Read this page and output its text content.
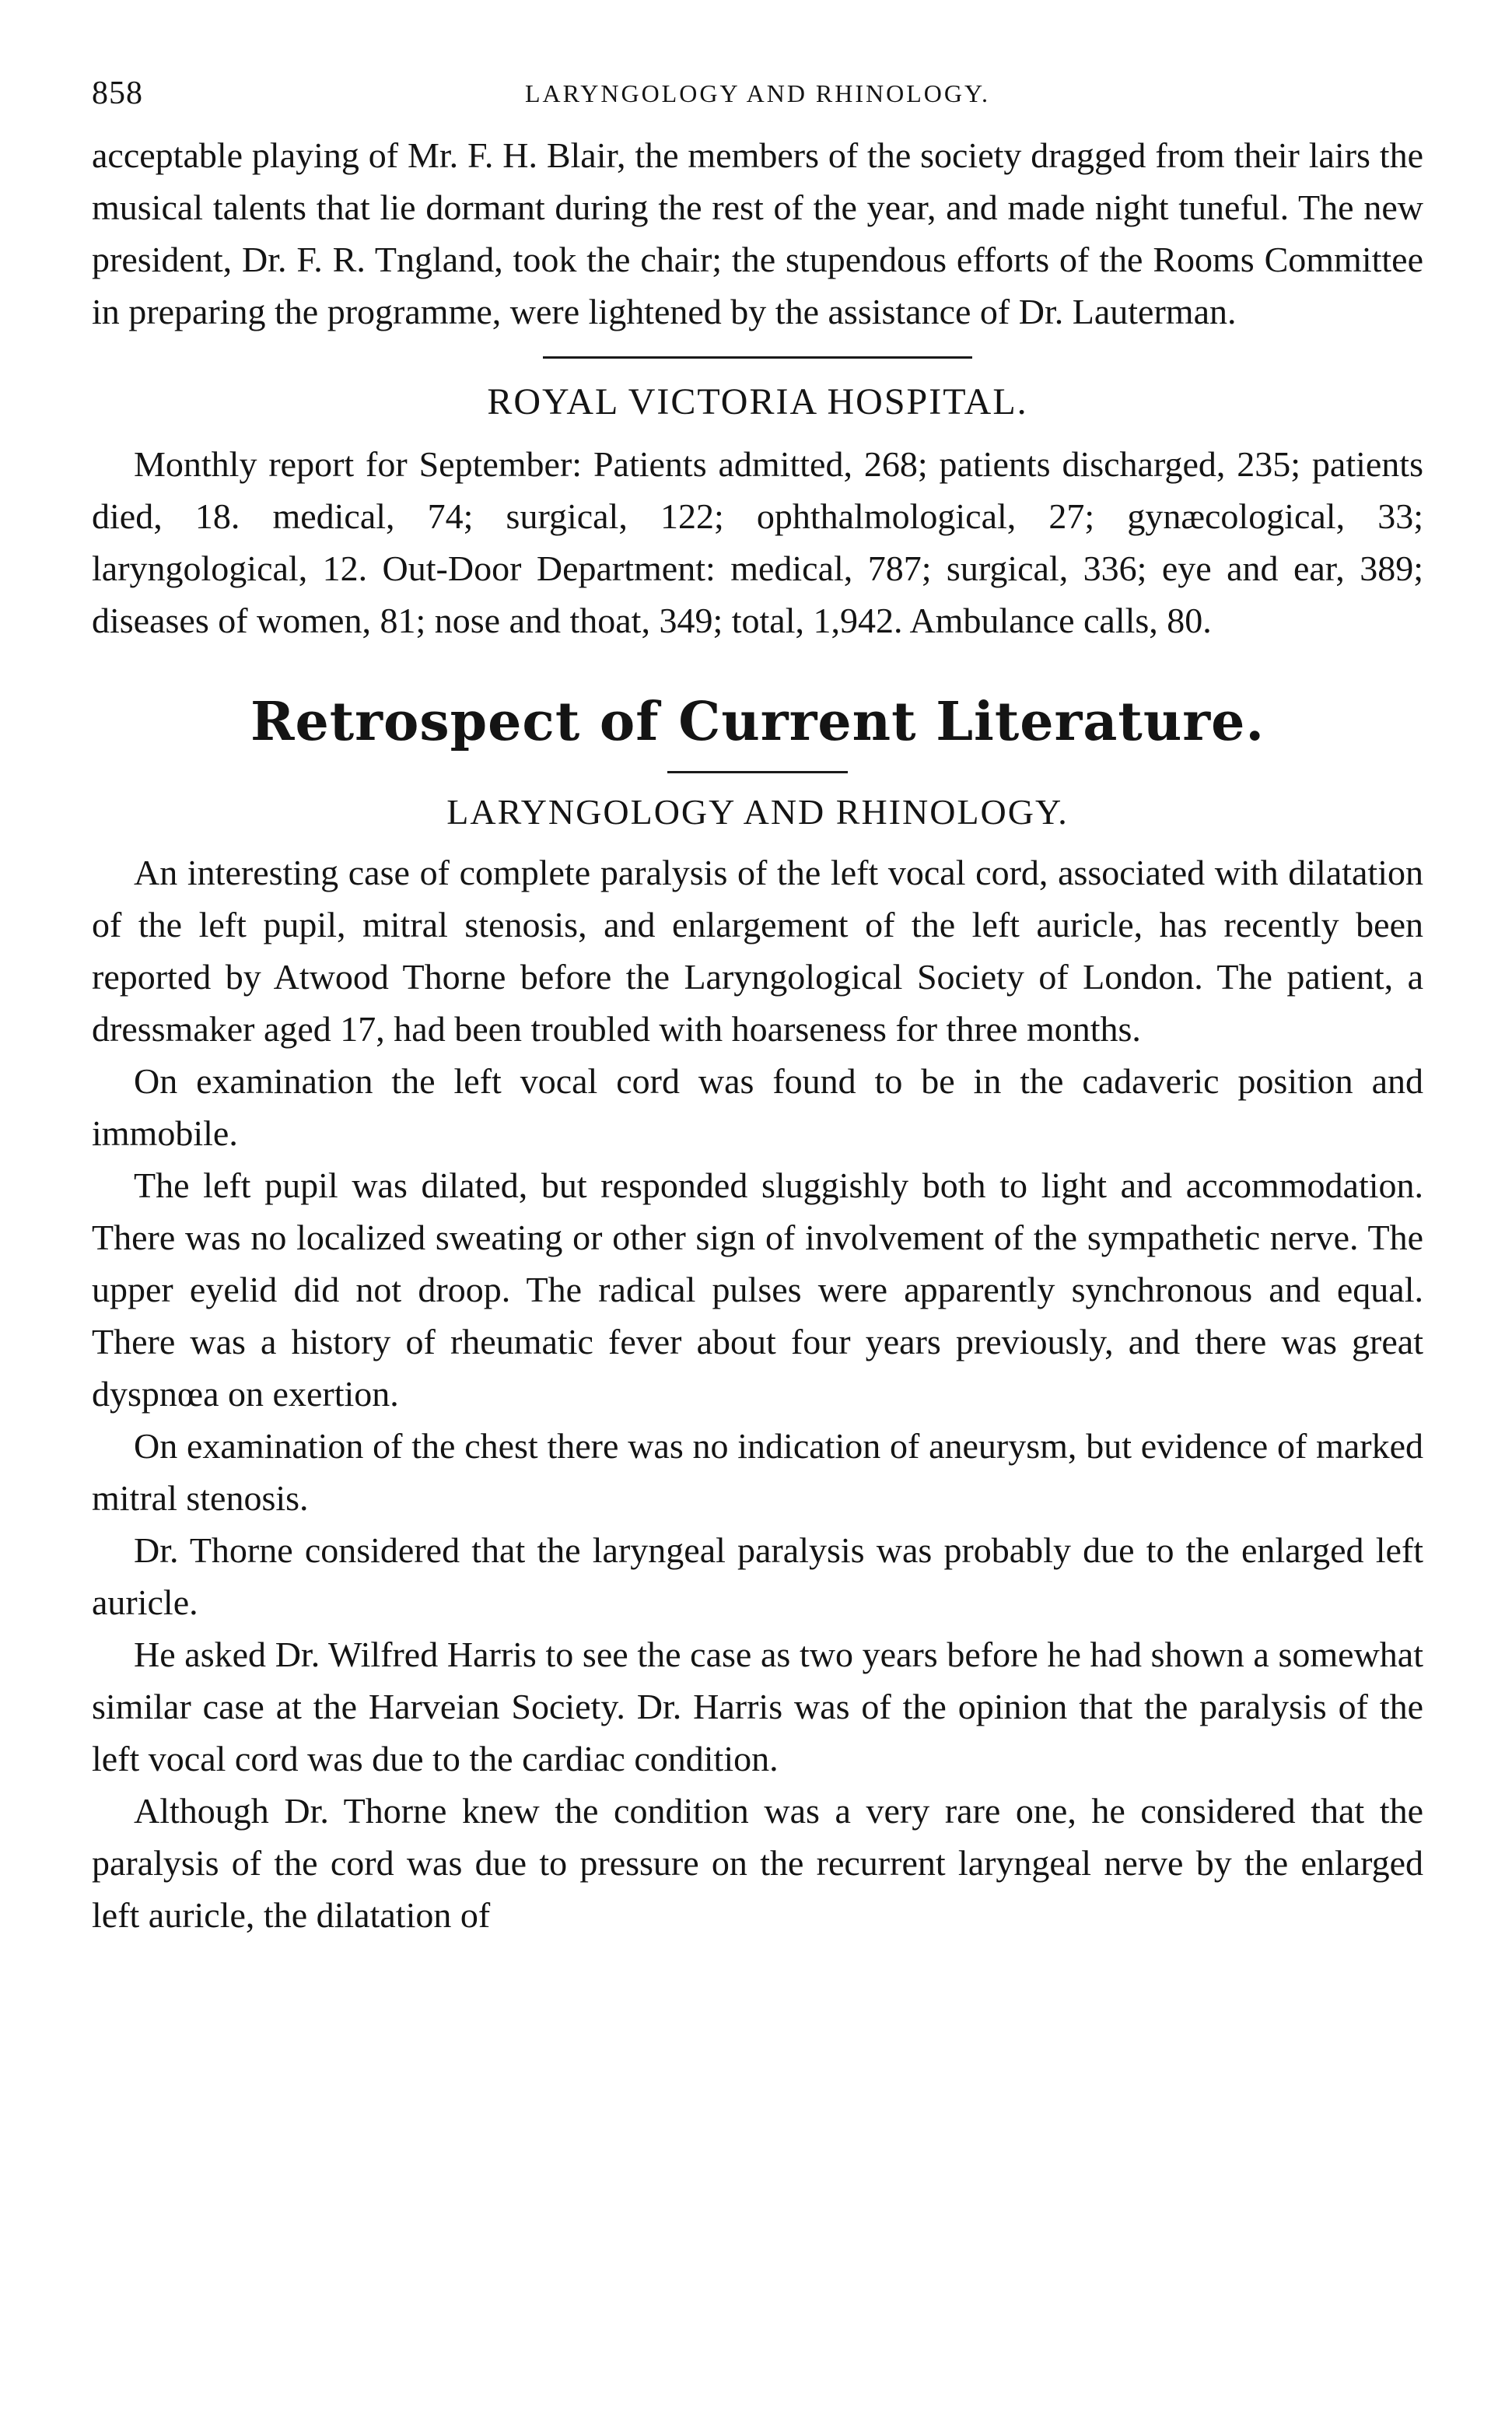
858	LARYNGOLOGY AND RHINOLOGY.

acceptable playing of Mr. F. H. Blair, the members of the society dragged from their lairs the musical talents that lie dormant during the rest of the year, and made night tuneful. The new president, Dr. F. R. Tngland, took the chair; the stupendous efforts of the Rooms Committee in preparing the programme, were lightened by the assistance of Dr. Lauterman.

ROYAL VICTORIA HOSPITAL.

Monthly report for September: Patients admitted, 268; patients discharged, 235; patients died, 18. medical, 74; surgical, 122; ophthalmological, 27; gynæcological, 33; laryngological, 12. Out-Door Department: medical, 787; surgical, 336; eye and ear, 389; diseases of women, 81; nose and thoat, 349; total, 1,942. Ambulance calls, 80.

Retrospect of Current Literature.
LARYNGOLOGY AND RHINOLOGY.

An interesting case of complete paralysis of the left vocal cord, associated with dilatation of the left pupil, mitral stenosis, and enlargement of the left auricle, has recently been reported by Atwood Thorne before the Laryngological Society of London. The patient, a dressmaker aged 17, had been troubled with hoarseness for three months.

On examination the left vocal cord was found to be in the cadaveric position and immobile.

The left pupil was dilated, but responded sluggishly both to light and accommodation. There was no localized sweating or other sign of involvement of the sympathetic nerve. The upper eyelid did not droop. The radical pulses were apparently synchronous and equal. There was a history of rheumatic fever about four years previously, and there was great dyspnœa on exertion.

On examination of the chest there was no indication of aneurysm, but evidence of marked mitral stenosis.

Dr. Thorne considered that the laryngeal paralysis was probably due to the enlarged left auricle.

He asked Dr. Wilfred Harris to see the case as two years before he had shown a somewhat similar case at the Harveian Society. Dr. Harris was of the opinion that the paralysis of the left vocal cord was due to the cardiac condition.

Although Dr. Thorne knew the condition was a very rare one, he considered that the paralysis of the cord was due to pressure on the recurrent laryngeal nerve by the enlarged left auricle, the dilatation of
